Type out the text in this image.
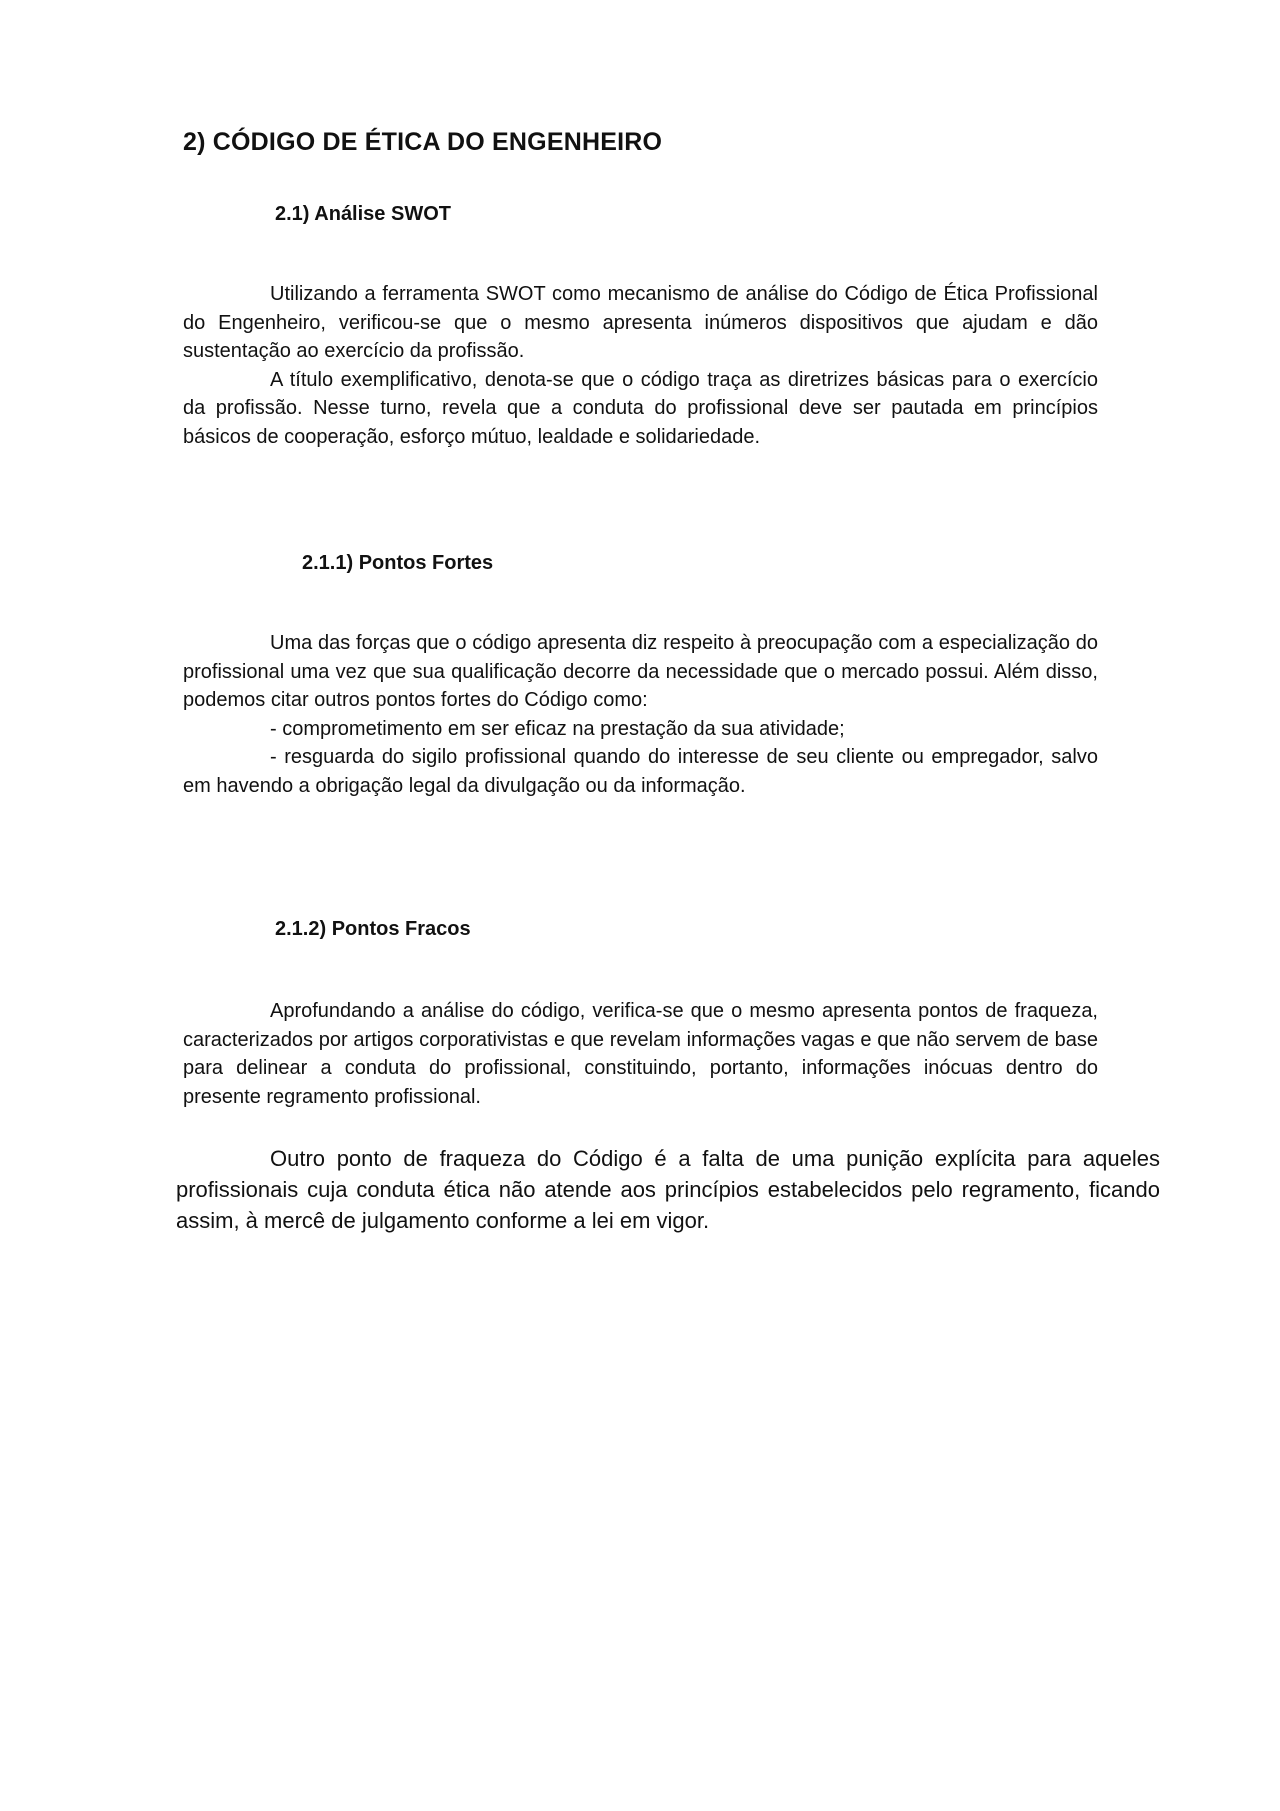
2) CÓDIGO DE ÉTICA DO ENGENHEIRO
2.1) Análise SWOT

Utilizando a ferramenta SWOT como mecanismo de análise do Código de Ética Profissional do Engenheiro, verificou-se que o mesmo apresenta inúmeros dispositivos que ajudam e dão sustentação ao exercício da profissão.

A título exemplificativo, denota-se que o código traça as diretrizes básicas para o exercício da profissão. Nesse turno, revela que a conduta do profissional deve ser pautada em princípios básicos de cooperação, esforço mútuo, lealdade e solidariedade.

2.1.1) Pontos Fortes

Uma das forças que o código apresenta diz respeito à preocupação com a especialização do profissional uma vez que sua qualificação decorre da necessidade que o mercado possui. Além disso, podemos citar outros pontos fortes do Código como:

- comprometimento em ser eficaz na prestação da sua atividade;

- resguarda do sigilo profissional quando do interesse de seu cliente ou empregador, salvo em havendo a obrigação legal da divulgação ou da informação.

2.1.2) Pontos Fracos

Aprofundando a análise do código, verifica-se que o mesmo apresenta pontos de fraqueza, caracterizados por artigos corporativistas e que revelam informações vagas e que não servem de base para delinear a conduta do profissional, constituindo, portanto, informações inócuas dentro do presente regramento profissional.

Outro ponto de fraqueza do Código é a falta de uma punição explícita para aqueles profissionais cuja conduta ética não atende aos princípios estabelecidos pelo regramento, ficando assim, à mercê de julgamento conforme a lei em vigor.
